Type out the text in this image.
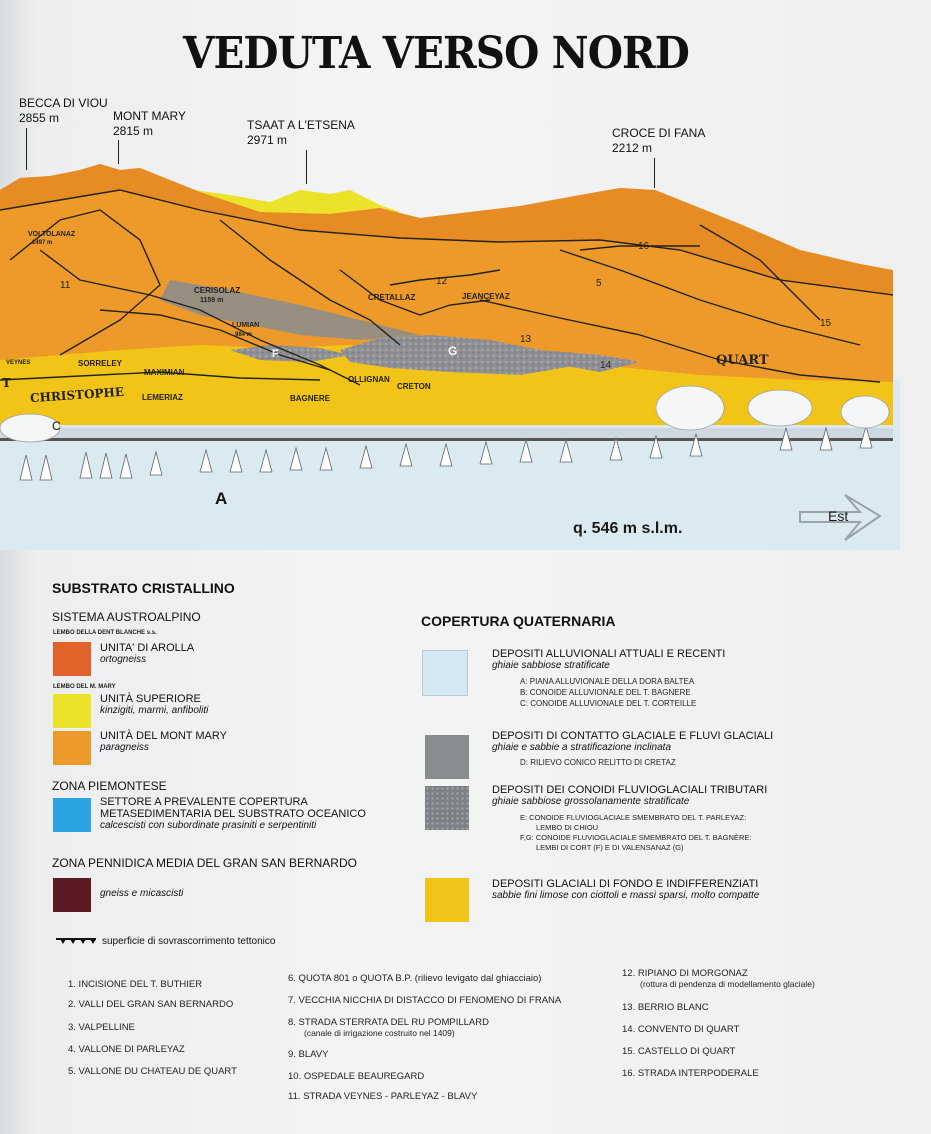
VEDUTA VERSO NORD
BECCA DI VIOU
2855 m	MONT MARY
2815 m	TSAAT A L'ETSENA
2971 m	CROCE DI FANA
2212 m
VOLTOLANAZ
1497 m
CERISOLAZ
1159 m
LUMIAN
984 m
CRETALLAZ	JEANCEYAZ
VEYNES	SORRELEY
MAXIMIAN
LEMERIAZ	BAGNERE
OLLIGNAN
CRETON
QUART
CHRISTOPHE
T
11	12	5
16
13
14
15
F	G
C
A
q. 546 m s.l.m.
Est
SUBSTRATO CRISTALLINO
SISTEMA AUSTROALPINO
LEMBO DELLA DENT BLANCHE s.s.
UNITA' DI AROLLA
ortogneiss
LEMBO DEL M. MARY
UNITÀ SUPERIORE
kinzigiti, marmi, anfiboliti
UNITÀ DEL MONT MARY
paragneiss
ZONA PIEMONTESE
SETTORE A PREVALENTE COPERTURA
METASEDIMENTARIA DEL SUBSTRATO OCEANICO
calcescisti con subordinate prasiniti e serpentiniti
ZONA PENNIDICA MEDIA DEL GRAN SAN BERNARDO
gneiss e micascisti
superficie di sovrascorrimento tettonico
COPERTURA QUATERNARIA
DEPOSITI ALLUVIONALI ATTUALI E RECENTI
ghiaie sabbiose stratificate
A: PIANA ALLUVIONALE DELLA DORA BALTEA
B: CONOIDE ALLUVIONALE DEL T. BAGNERE
C: CONOIDE ALLUVIONALE DEL T. CORTEILLE
DEPOSITI DI CONTATTO GLACIALE E FLUVI GLACIALI
ghiaie e sabbie a stratificazione inclinata
D: RILIEVO CONICO RELITTO DI CRETAZ
DEPOSITI DEI CONOIDI FLUVIOGLACIALI TRIBUTARI
ghiaie sabbiose grossolanamente stratificate
E: CONOIDE FLUVIOGLACIALE SMEMBRATO DEL T. PARLEYAZ:
LEMBO DI CHIOU
F,G: CONOIDE FLUVIOGLACIALE SMEMBRATO DEL T. BAGNÈRE:
LEMBI DI CORT (F) E DI VALENSANAZ (G)
DEPOSITI GLACIALI DI FONDO E INDIFFERENZIATI
sabbie fini limose con ciottoli e massi sparsi, molto compatte
1. INCISIONE DEL T. BUTHIER
2. VALLI DEL GRAN SAN BERNARDO
3. VALPELLINE
4. VALLONE DI PARLEYAZ
5. VALLONE DU CHATEAU DE QUART
6. QUOTA 801 o QUOTA B.P. (rilievo levigato dal ghiacciaio)
7. VECCHIA NICCHIA DI DISTACCO DI FENOMENO DI FRANA
8. STRADA STERRATA DEL RU POMPILLARD
(canale di irrigazione costruito nel 1409)
9. BLAVY
10. OSPEDALE BEAUREGARD
11. STRADA VEYNES - PARLEYAZ - BLAVY
12. RIPIANO DI MORGONAZ
(rottura di pendenza di modellamento glaciale)
13. BERRIO BLANC
14. CONVENTO DI QUART
15. CASTELLO DI QUART
16. STRADA INTERPODERALE
